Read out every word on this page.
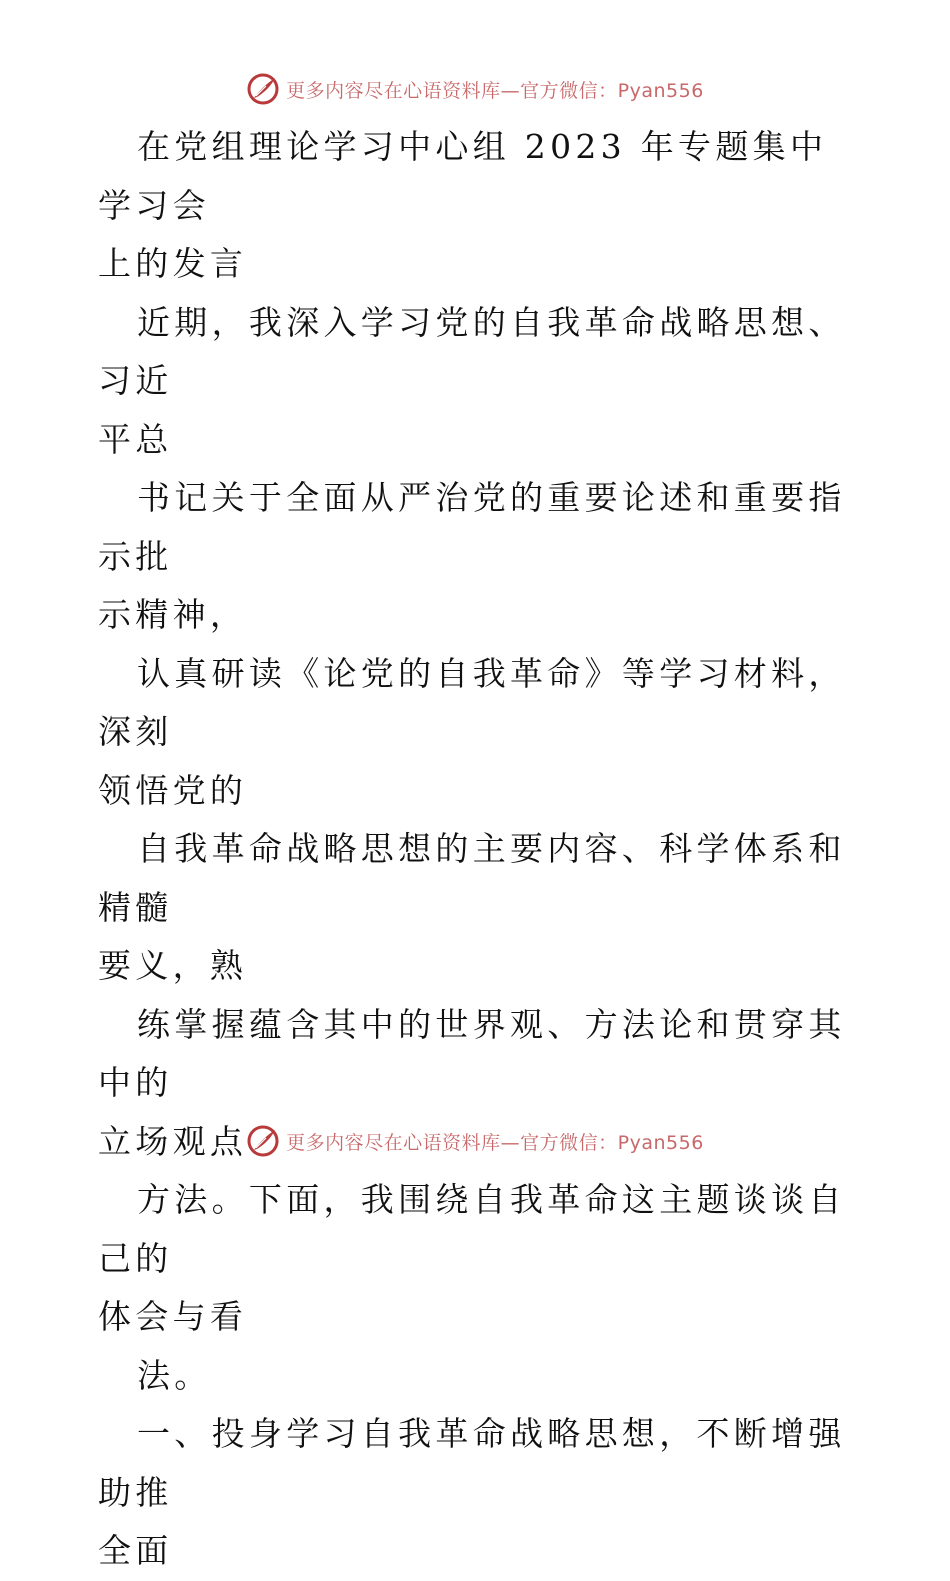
更多内容尽在心语资料库—官方微信：Pyan556

在党组理论学习中心组 2023 年专题集中学习会
上的发言

近期，我深入学习党的自我革命战略思想、习近
平总

书记关于全面从严治党的重要论述和重要指示批
示精神，

认真研读《论党的自我革命》等学习材料，深刻
领悟党的

自我革命战略思想的主要内容、科学体系和精髓
要义，熟

练掌握蕴含其中的世界观、方法论和贯穿其中的
立场观点

方法。下面，我围绕自我革命这主题谈谈自己的
体会与看

法。

一、投身学习自我革命战略思想，不断增强助推
全面

更多内容尽在心语资料库—官方微信：Pyan556
